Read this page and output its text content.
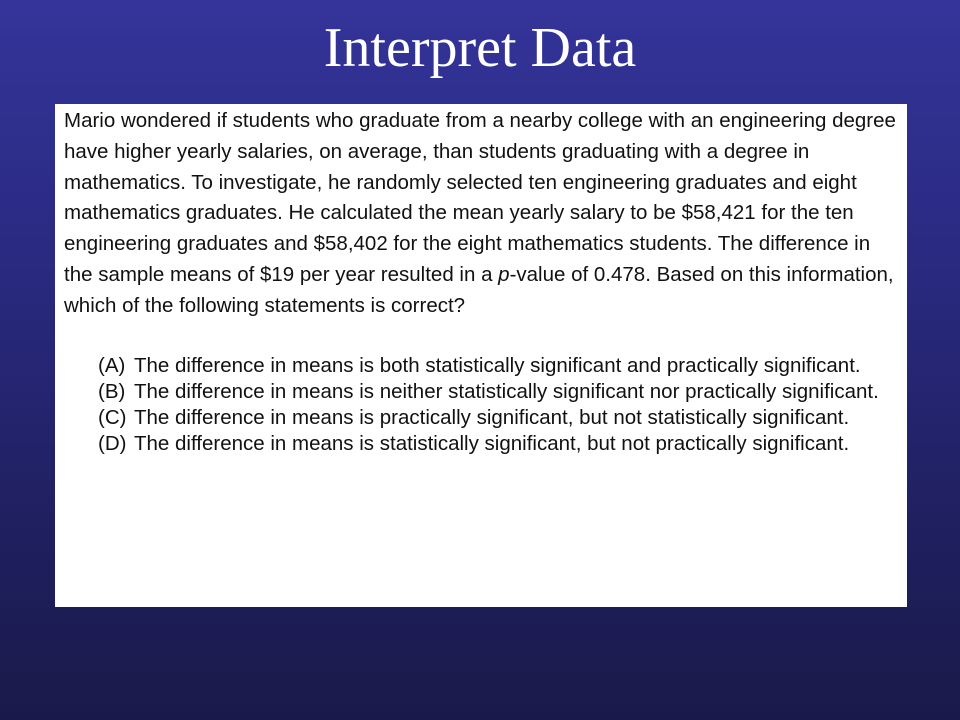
Interpret Data

Mario wondered if students who graduate from a nearby college with an engineering degree have higher yearly salaries, on average, than students graduating with a degree in mathematics. To investigate, he randomly selected ten engineering graduates and eight mathematics graduates. He calculated the mean yearly salary to be $58,421 for the ten engineering graduates and $58,402 for the eight mathematics students. The difference in the sample means of $19 per year resulted in a p-value of 0.478. Based on this information, which of the following statements is correct?

(A) The difference in means is both statistically significant and practically significant.
(B) The difference in means is neither statistically significant nor practically significant.
(C) The difference in means is practically significant, but not statistically significant.
(D) The difference in means is statistically significant, but not practically significant.
